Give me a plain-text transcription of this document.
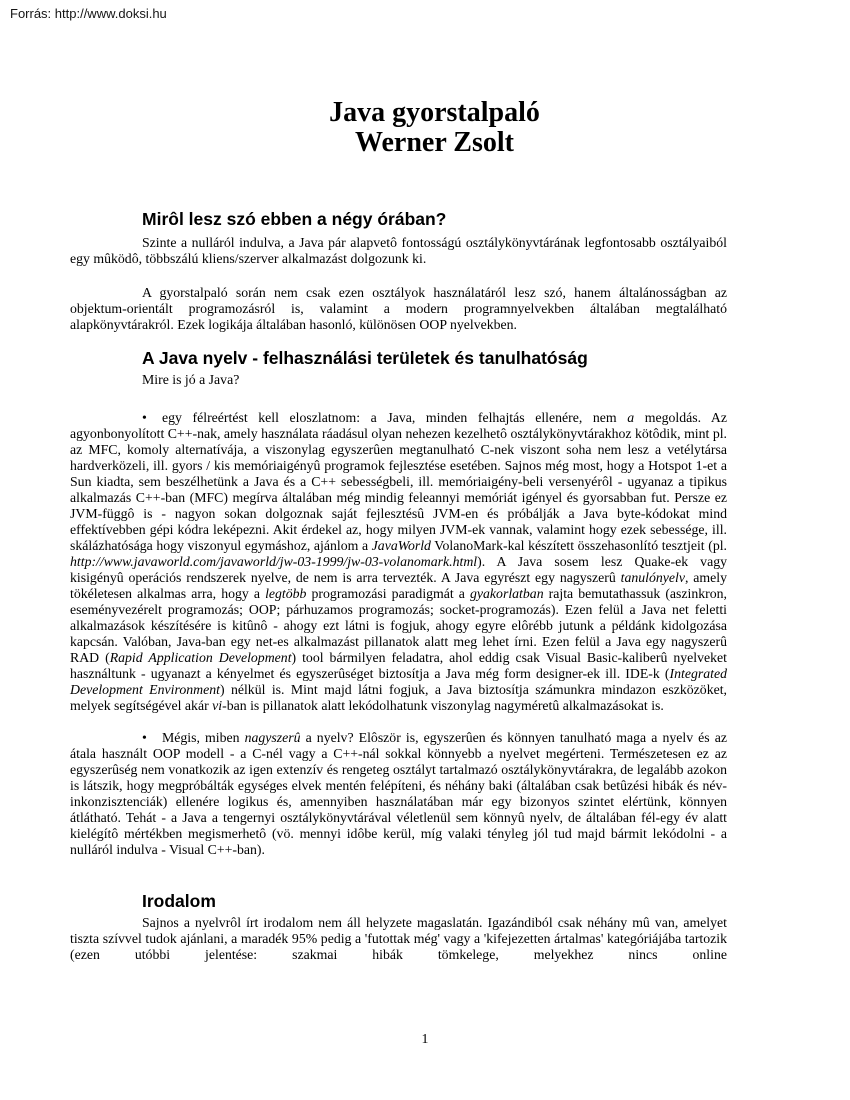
Forrás: http://www.doksi.hu
Java gyorstalpaló
Werner Zsolt
Mirôl lesz szó ebben a négy órában?

Szinte a nulláról indulva, a Java pár alapvetô fontosságú osztálykönyvtárának legfontosabb osztályaiból egy mûködô, többszálú kliens/szerver alkalmazást dolgozunk ki.

A gyorstalpaló során nem csak ezen osztályok használatáról lesz szó, hanem általánosságban az objektum-orientált programozásról is, valamint a modern programnyelvekben általában megtalálható alapkönyvtárakról. Ezek logikája általában hasonló, különösen OOP nyelvekben.

A Java nyelv - felhasználási területek és tanulhatóság

Mire is jó a Java?

• egy félreértést kell eloszlatnom: a Java, minden felhajtás ellenére, nem a megoldás. Az agyonbonyolított C++-nak, amely használata ráadásul olyan nehezen kezelhetô osztálykönyvtárakhoz kötôdik, mint pl. az MFC, komoly alternatívája, a viszonylag egyszerûen megtanulható C-nek viszont soha nem lesz a vetélytársa hardverközeli, ill. gyors / kis memóriaigényû programok fejlesztése esetében. Sajnos még most, hogy a Hotspot 1-et a Sun kiadta, sem beszélhetünk a Java és a C++ sebességbeli, ill. memóriaigény-beli versenyérôl - ugyanaz a tipikus alkalmazás C++-ban (MFC) megírva általában még mindig feleannyi memóriát igényel és gyorsabban fut. Persze ez JVM-függô is - nagyon sokan dolgoznak saját fejlesztésû JVM-en és próbálják a Java byte-kódokat mind effektívebben gépi kódra leképezni. Akit érdekel az, hogy milyen JVM-ek vannak, valamint hogy ezek sebessége, ill. skálázhatósága hogy viszonyul egymáshoz, ajánlom a JavaWorld VolanoMark-kal készített összehasonlító tesztjeit (pl. http://www.javaworld.com/javaworld/jw-03-1999/jw-03-volanomark.html). A Java sosem lesz Quake-ek vagy kisigényû operációs rendszerek nyelve, de nem is arra tervezték. A Java egyrészt egy nagyszerû tanulónyelv, amely tökéletesen alkalmas arra, hogy a legtöbb programozási paradigmát a gyakorlatban rajta bemutathassuk (aszinkron, eseményvezérelt programozás; OOP; párhuzamos programozás; socket-programozás). Ezen felül a Java net feletti alkalmazások készítésére is kitûnô - ahogy ezt látni is fogjuk, ahogy egyre elôrébb jutunk a példánk kidolgozása kapcsán. Valóban, Java-ban egy net-es alkalmazást pillanatok alatt meg lehet írni. Ezen felül a Java egy nagyszerû RAD (Rapid Application Development) tool bármilyen feladatra, ahol eddig csak Visual Basic-kaliberû nyelveket használtunk - ugyanazt a kényelmet és egyszerûséget biztosítja a Java még form designer-ek ill. IDE-k (Integrated Development Environment) nélkül is. Mint majd látni fogjuk, a Java biztosítja számunkra mindazon eszközöket, melyek segítségével akár vi-ban is pillanatok alatt lekódolhatunk viszonylag nagyméretû alkalmazásokat is.

• Mégis, miben nagyszerû a nyelv? Elôször is, egyszerûen és könnyen tanulható maga a nyelv és az átala használt OOP modell - a C-nél vagy a C++-nál sokkal könnyebb a nyelvet megérteni. Természetesen ez az egyszerûség nem vonatkozik az igen extenzív és rengeteg osztályt tartalmazó osztálykönyvtárakra, de legalább azokon is látszik, hogy megpróbálták egységes elvek mentén felépíteni, és néhány baki (általában csak betûzési hibák és név-inkonzisztenciák) ellenére logikus és, amennyiben használatában már egy bizonyos szintet elértünk, könnyen átlátható. Tehát - a Java a tengernyi osztálykönyvtárával véletlenül sem könnyû nyelv, de általában fél-egy év alatt kielégítô mértékben megismerhetô (vö. mennyi idôbe kerül, míg valaki tényleg jól tud majd bármit lekódolni - a nulláról indulva - Visual C++-ban).

Irodalom

Sajnos a nyelvrôl írt irodalom nem áll helyzete magaslatán. Igazándiból csak néhány mû van, amelyet tiszta szívvel tudok ajánlani, a maradék 95% pedig a 'futottak még' vagy a 'kifejezetten ártalmas' kategóriájába tartozik (ezen utóbbi jelentése: szakmai hibák tömkelege, melyekhez nincs online

1
